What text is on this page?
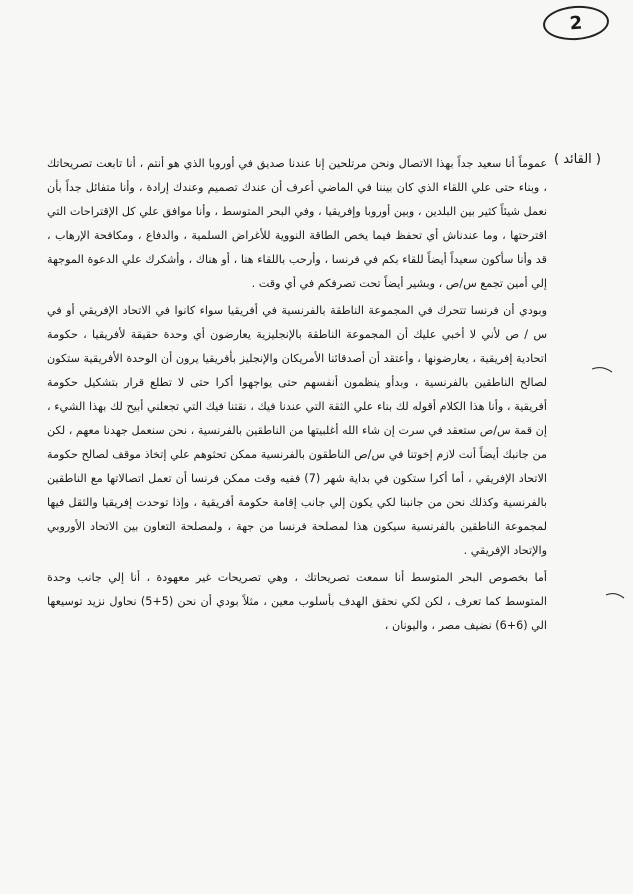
2
( القائد )

عموماً أنا سعيد جداً بهذا الاتصال ونحن مرتلحين إنا عندنا صديق في أوروبا الذي هو أنتم ، أنا تابعت تصريحاتك ، وبناء حتى علي اللقاء الذي كان بيننا في الماضي أعرف أن عندك تصميم وعندك إرادة ، وأنا متفائل جداً بأن نعمل شيئاً كثير بين البلدين ، وبين أوروبا وإفريقيا ، وفي البحر المتوسط ، وأنا موافق علي كل الإقتراحات التي اقترحتها ، وما عندناش أي تحفظ فيما يخص الطاقة النووية للأغراض السلمية ، والدفاع ، ومكافحة الإرهاب ، قد وأنا سأكون سعيداً أيضاً للقاء بكم في فرنسا ، وأرحب باللقاء هنا ، أو هناك ، وأشكرك علي الدعوة الموجهة إلي أمين تجمع س/ص ، وبشير أيضاً تحت تصرفكم في أي وقت .

وبودي أن فرنسا تتحرك في المجموعة الناطقة بالفرنسية في أفريقيا سواء كانوا في الاتحاد الإفريقي أو في س / ص لأني لا أخبي عليك أن المجموعة الناطقة بالإنجليزية يعارضون أي وحدة حقيقة لأفريقيا ، حكومة اتحادية إفريقية ، يعارضونها ، وأعتقد أن أصدقائنا الأمريكان والإنجليز بأفريقيا يرون أن الوحدة الأفريقية ستكون لصالح الناطقين بالفرنسية ، وبدأو ينظمون أنفسهم حتى يواجهوا أكرا حتى لا تطلع قرار بتشكيل حكومة أفريقية ، وأنا هذا الكلام أقوله لك بناء علي الثقة التي عندنا فيك ، نقتنا فيك التي تجعلني أبيح لك بهذا الشيء ، إن قمة س/ص ستعقد في سرت إن شاء الله أغلبيتها من الناطقين بالفرنسية ، نحن سنعمل جهدنا معهم ، لكن من جانبك أيضاً أنت لازم إخوتنا في س/ص الناطقون بالفرنسية ممكن تحثوهم علي إتخاذ موقف لصالح حكومة الاتحاد الإفريقي ، أما أكرا ستكون في بداية شهر (7) ففيه وقت ممكن فرنسا أن تعمل اتصالاتها مع الناطقين بالفرنسية وكذلك نحن من جانبنا لكي يكون إلي جانب إقامة حكومة أفريقية ، وإذا توحدت إفريقيا والثقل فيها لمجموعة الناطقين بالفرنسية سيكون هذا لمصلحة فرنسا من جهة ، ولمصلحة التعاون بين الاتحاد الأوروبي والإتحاد الإفريقي .

أما بخصوص البحر المتوسط أنا سمعت تصريحاتك ، وهي تصريحات غير معهودة ، أنا إلي جانب وحدة المتوسط كما تعرف ، لكن لكي نحقق الهدف بأسلوب معين ، مثلاً بودي أن نحن (5+5) نحاول نزيد توسيعها الي (6+6) نضيف مصر ، واليونان ،
